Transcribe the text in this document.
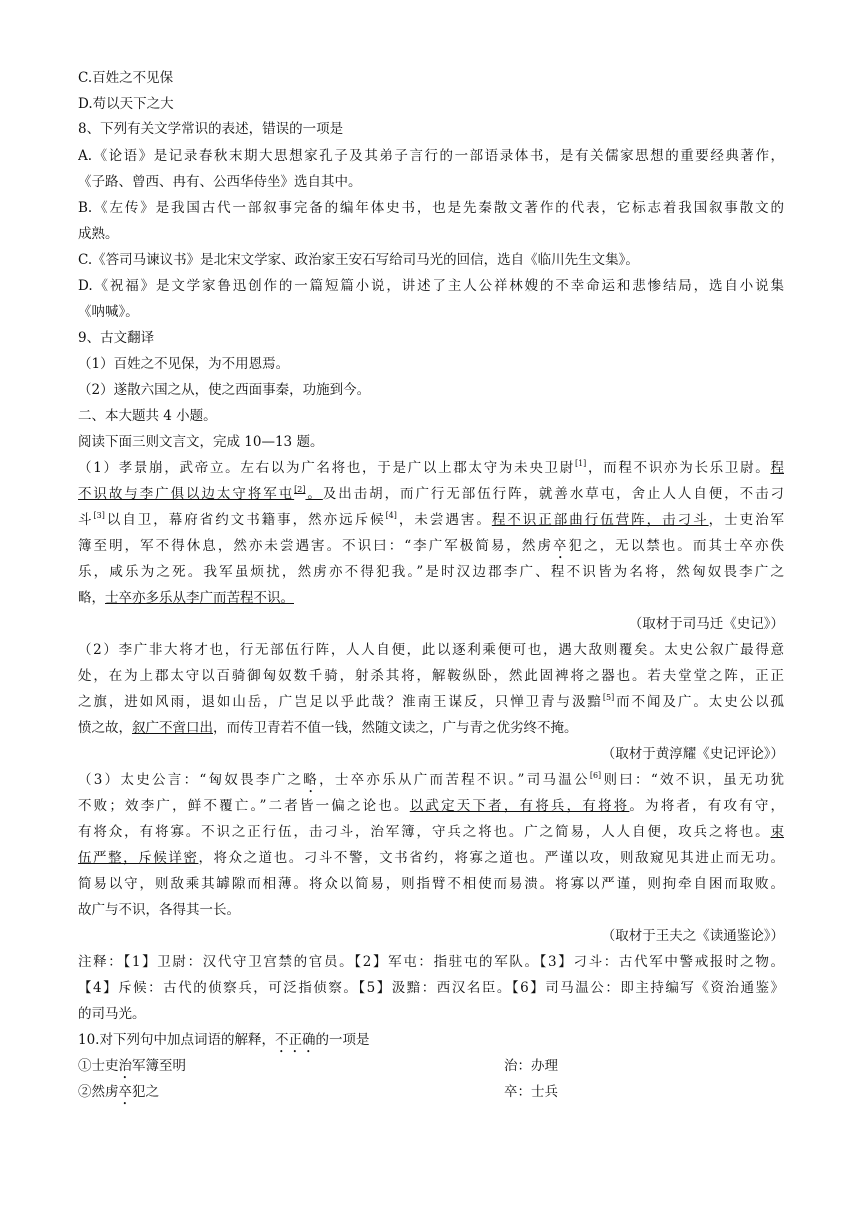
C.百姓之不见保
D.苟以天下之大
8、下列有关文学常识的表述，错误的一项是
A.《论语》是记录春秋末期大思想家孔子及其弟子言行的一部语录体书，是有关儒家思想的重要经典著作，
《子路、曾西、冉有、公西华侍坐》选自其中。
B.《左传》是我国古代一部叙事完备的编年体史书，也是先秦散文著作的代表，它标志着我国叙事散文的
成熟。
C.《答司马谏议书》是北宋文学家、政治家王安石写给司马光的回信，选自《临川先生文集》。
D.《祝福》是文学家鲁迅创作的一篇短篇小说，讲述了主人公祥林嫂的不幸命运和悲惨结局，选自小说集
《呐喊》。
9、古文翻译
（1）百姓之不见保，为不用恩焉。
（2）遂散六国之从，使之西面事秦，功施到今。
二、本大题共 4 小题。
阅读下面三则文言文，完成 10—13 题。
（1）孝景崩，武帝立。左右以为广名将也，于是广以上郡太守为未央卫尉[1]，而程不识亦为长乐卫尉。程
不识故与李广俱以边太守将军屯[2]。及出击胡，而广行无部伍行阵，就善水草屯，舍止人人自便，不击刁
斗[3]以自卫，幕府省约文书籍事，然亦远斥候[4]，未尝遇害。程不识正部曲行伍营阵，击刁斗，士吏治军
簿至明，军不得休息，然亦未尝遇害。不识曰：“李广军极简易，然虏卒犯之，无以禁也。而其士卒亦佚
乐，咸乐为之死。我军虽烦扰，然虏亦不得犯我。”是时汉边郡李广、程不识皆为名将，然匈奴畏李广之
略，士卒亦多乐从李广而苦程不识。
（取材于司马迁《史记》）
（2）李广非大将才也，行无部伍行阵，人人自便，此以逐利乘便可也，遇大敌则覆矣。太史公叙广最得意
处，在为上郡太守以百骑御匈奴数千骑，射杀其将，解鞍纵卧，然此固裨将之器也。若夫堂堂之阵，正正
之旗，进如风雨，退如山岳，广岂足以乎此哉？淮南王谋反，只惮卫青与汲黯[5]而不闻及广。太史公以孤
愤之故，叙广不啻口出，而传卫青若不值一钱，然随文读之，广与青之优劣终不掩。
（取材于黄淳耀《史记评论》）
（3）太史公言：“匈奴畏李广之略，士卒亦乐从广而苦程不识。”司马温公[6]则曰：“效不识，虽无功犹
不败；效李广，鲜不覆亡。”二者皆一偏之论也。以武定天下者，有将兵，有将将。为将者，有攻有守，
有将众，有将寡。不识之正行伍，击刁斗，治军簿，守兵之将也。广之简易，人人自便，攻兵之将也。束
伍严整，斥候详密，将众之道也。刁斗不警，文书省约，将寡之道也。严谨以攻，则敌窥见其进止而无功。
简易以守，则敌乘其罅隙而相薄。将众以简易，则指臂不相使而易溃。将寡以严谨，则拘牵自困而取败。
故广与不识，各得其一长。
（取材于王夫之《读通鉴论》）
注释：【1】卫尉：汉代守卫宫禁的官员。【2】军屯：指驻屯的军队。【3】刁斗：古代军中警戒报时之物。
【4】斥候：古代的侦察兵，可泛指侦察。【5】汲黯：西汉名臣。【6】司马温公：即主持编写《资治通鉴》
的司马光。
10.对下列句中加点词语的解释，不正确的一项是
①士吏治军簿至明	治：办理
②然虏卒犯之	卒：士兵
